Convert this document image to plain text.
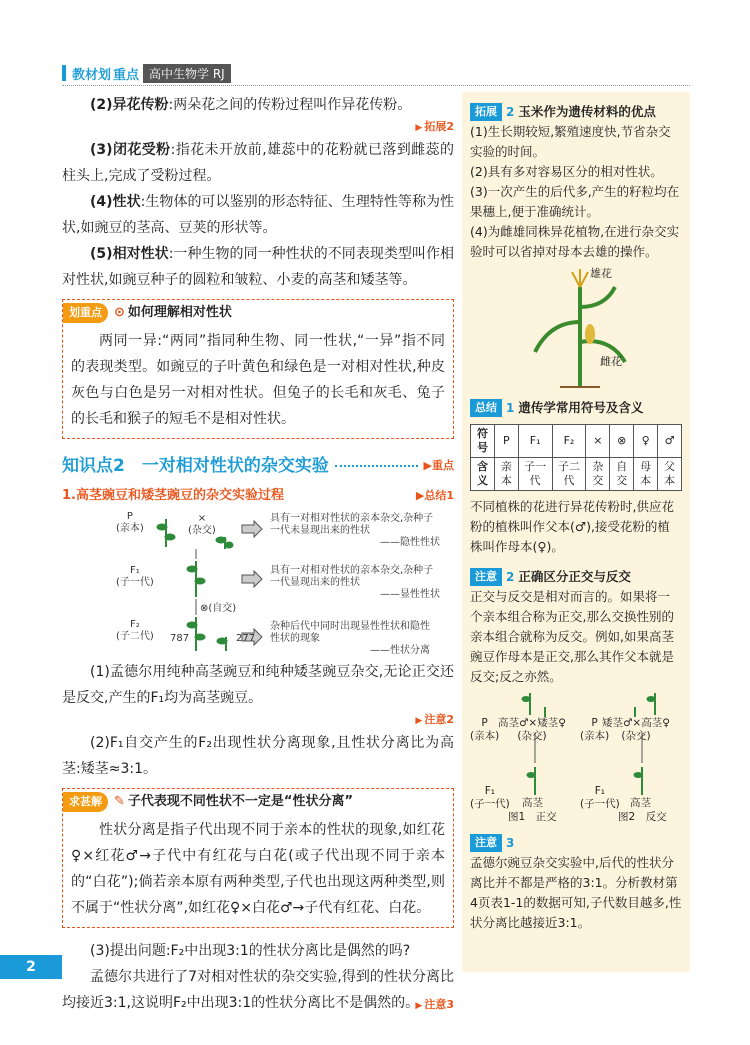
教材划 重点 高中生物学 RJ
(2)异花传粉:两朵花之间的传粉过程叫作异花传粉。
▶ 拓展2
(3)闭花受粉:指花未开放前,雄蕊中的花粉就已落到雌蕊的柱头上,完成了受粉过程。
(4)性状:生物体的可以鉴别的形态特征、生理特性等称为性状,如豌豆的茎高、豆荚的形状等。
(5)相对性状:一种生物的同一种性状的不同表现类型叫作相对性状,如豌豆种子的圆粒和皱粒、小麦的高茎和矮茎等。
划重点 ⊙ 如何理解相对性状
两同一异:“两同”指同种生物、同一性状,“一异”指不同的表现类型。如豌豆的子叶黄色和绿色是一对相对性状,种皮灰色与白色是另一对相对性状。但兔子的长毛和灰毛、兔子的长毛和猴子的短毛不是相对性状。
知识点2　一对相对性状的杂交实验	▶重点
1.高茎豌豆和矮茎豌豆的杂交实验过程	▶总结1
P
(亲本)
×
(杂交)
F₁
(子一代)
⊗(自交)
F₂
(子二代) 787	277
具有一对相对性状的亲本杂交,杂种子一代未显现出来的性状
——隐性性状
具有一对相对性状的亲本杂交,杂种子一代显现出来的性状
——显性性状
杂种后代中同时出现显性性状和隐性性状的现象
——性状分离
(1)孟德尔用纯种高茎豌豆和纯种矮茎豌豆杂交,无论正交还是反交,产生的F₁均为高茎豌豆。
▶ 注意2
(2)F₁自交产生的F₂出现性状分离现象,且性状分离比为高茎:矮茎≈3:1。
求甚解 ✎ 子代表现不同性状不一定是“性状分离”
性状分离是指子代出现不同于亲本的性状的现象,如红花♀×红花♂→子代中有红花与白花(或子代出现不同于亲本的“白花”);倘若亲本原有两种类型,子代也出现这两种类型,则不属于“性状分离”,如红花♀×白花♂→子代有红花、白花。
(3)提出问题:F₂中出现3:1的性状分离比是偶然的吗?
孟德尔共进行了7对相对性状的杂交实验,得到的性状分离比均接近3:1,这说明F₂中出现3:1的性状分离比不是偶然的。 ▶ 注意3
拓展 2 玉米作为遗传材料的优点
(1)生长期较短,繁殖速度快,节省杂交实验的时间。
(2)具有多对容易区分的相对性状。
(3)一次产生的后代多,产生的籽粒均在果穗上,便于准确统计。
(4)为雌雄同株异花植物,在进行杂交实验时可以省掉对母本去雄的操作。
雄花
雌花
总结 1 遗传学常用符号及含义
符号	P	F₁	F₂	×	⊗	♀	♂
含义	亲本	子一代	子二代	杂交	自交	母本	父本
不同植株的花进行异花传粉时,供应花粉的植株叫作父本(♂),接受花粉的植株叫作母本(♀)。
注意 2 正确区分正交与反交
正交与反交是相对而言的。如果将一个亲本组合称为正交,那么交换性别的亲本组合就称为反交。例如,如果高茎豌豆作母本是正交,那么其作父本就是反交;反之亦然。
P
(亲本)
高茎♂×矮茎♀
(杂交)
F₁
(子一代) 高茎
图1　正交
P
(亲本)
矮茎♂×高茎♀
(杂交)
F₁
(子一代) 高茎
图2　反交
注意 3
孟德尔豌豆杂交实验中,后代的性状分离比并不都是严格的3:1。分析教材第4页表1-1的数据可知,子代数目越多,性状分离比越接近3:1。
2
